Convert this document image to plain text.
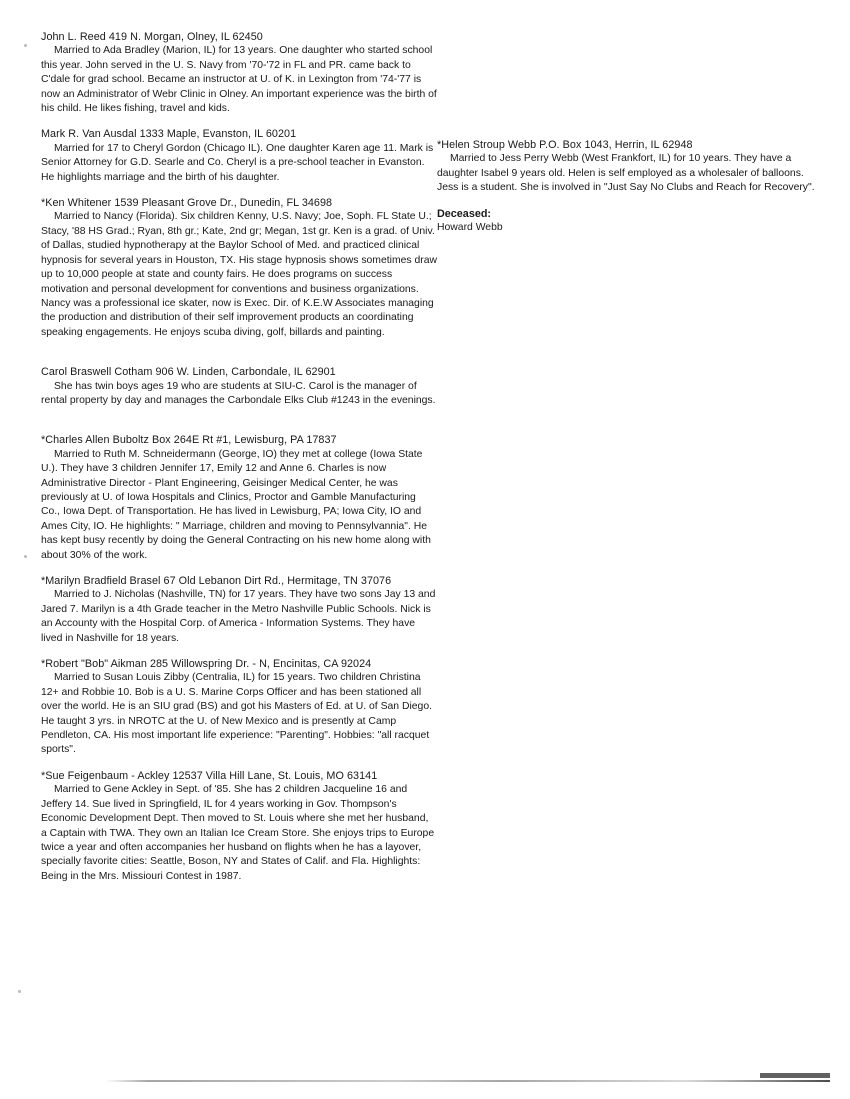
John L. Reed 419 N. Morgan, Olney, IL 62450
Married to Ada Bradley (Marion, IL) for 13 years. One daughter who started school this year. John served in the U. S. Navy from '70-'72 in FL and PR. came back to C'dale for grad school. Became an instructor at U. of K. in Lexington from '74-'77 is now an Administrator of Webr Clinic in Olney. An important experience was the birth of his child. He likes fishing, travel and kids.
Mark R. Van Ausdal 1333 Maple, Evanston, IL 60201
Married for 17 to Cheryl Gordon (Chicago IL). One daughter Karen age 11. Mark is Senior Attorney for G.D. Searle and Co. Cheryl is a pre-school teacher in Evanston. He highlights marriage and the birth of his daughter.
*Ken Whitener 1539 Pleasant Grove Dr., Dunedin, FL 34698
Married to Nancy (Florida). Six children Kenny, U.S. Navy; Joe, Soph. FL State U.; Stacy, '88 HS Grad.; Ryan, 8th gr.; Kate, 2nd gr; Megan, 1st gr. Ken is a grad. of Univ. of Dallas, studied hypnotherapy at the Baylor School of Med. and practiced clinical hypnosis for several years in Houston, TX. His stage hypnosis shows sometimes draw up to 10,000 people at state and county fairs. He does programs on success motivation and personal development for conventions and business organizations. Nancy was a professional ice skater, now is Exec. Dir. of K.E.W Associates managing the production and distribution of their self improvement products an coordinating speaking engagements. He enjoys scuba diving, golf, billards and painting.
Carol Braswell Cotham 906 W. Linden, Carbondale, IL 62901
She has twin boys ages 19 who are students at SIU-C. Carol is the manager of rental property by day and manages the Carbondale Elks Club #1243 in the evenings.
*Charles Allen Buboltz Box 264E Rt #1, Lewisburg, PA 17837
Married to Ruth M. Schneidermann (George, IO) they met at college (Iowa State U.). They have 3 children Jennifer 17, Emily 12 and Anne 6. Charles is now Administrative Director - Plant Engineering, Geisinger Medical Center, he was previously at U. of Iowa Hospitals and Clinics, Proctor and Gamble Manufacturing Co., Iowa Dept. of Transportation. He has lived in Lewisburg, PA; Iowa City, IO and Ames City, IO. He highlights: " Marriage, children and moving to Pennsylvannia". He has kept busy recently by doing the General Contracting on his new home along with about 30% of the work.
*Marilyn Bradfield Brasel 67 Old Lebanon Dirt Rd., Hermitage, TN 37076
Married to J. Nicholas (Nashville, TN) for 17 years. They have two sons Jay 13 and Jared 7. Marilyn is a 4th Grade teacher in the Metro Nashville Public Schools. Nick is an Accounty with the Hospital Corp. of America - Information Systems. They have lived in Nashville for 18 years.
*Robert "Bob" Aikman 285 Willowspring Dr. - N, Encinitas, CA 92024
Married to Susan Louis Zibby (Centralia, IL) for 15 years. Two children Christina 12+ and Robbie 10. Bob is a U. S. Marine Corps Officer and has been stationed all over the world. He is an SIU grad (BS) and got his Masters of Ed. at U. of San Diego. He taught 3 yrs. in NROTC at the U. of New Mexico and is presently at Camp Pendleton, CA. His most important life experience: "Parenting". Hobbies: "all racquet sports".
*Sue Feigenbaum - Ackley 12537 Villa Hill Lane, St. Louis, MO 63141
Married to Gene Ackley in Sept. of '85. She has 2 children Jacqueline 16 and Jeffery 14. Sue lived in Springfield, IL for 4 years working in Gov. Thompson's Economic Development Dept. Then moved to St. Louis where she met her husband, a Captain with TWA. They own an Italian Ice Cream Store. She enjoys trips to Europe twice a year and often accompanies her husband on flights when he has a layover, specially favorite cities: Seattle, Boson, NY and States of Calif. and Fla. Highlights: Being in the Mrs. Missiouri Contest in 1987.
*Helen Stroup Webb P.O. Box 1043, Herrin, IL 62948
Married to Jess Perry Webb (West Frankfort, IL) for 10 years. They have a daughter Isabel 9 years old. Helen is self employed as a wholesaler of balloons. Jess is a student. She is involved in "Just Say No Clubs and Reach for Recovery".
Deceased:
Howard Webb
